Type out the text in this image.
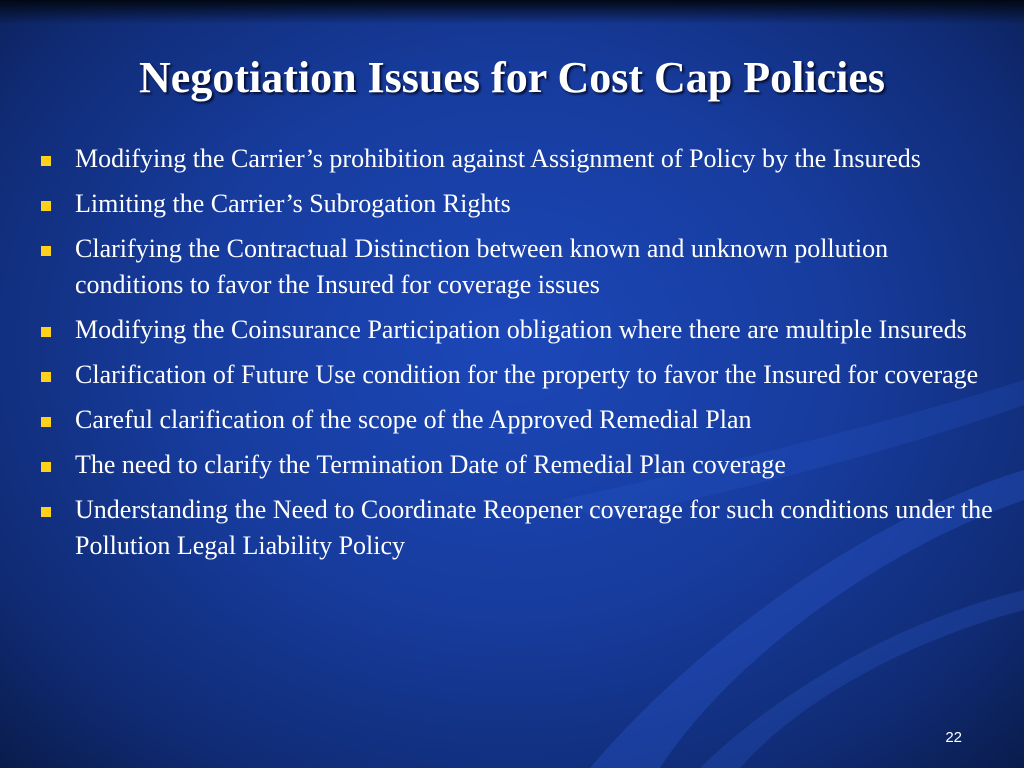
Negotiation Issues for Cost Cap Policies
Modifying the Carrier’s prohibition against Assignment of Policy by the Insureds
Limiting the Carrier’s Subrogation Rights
Clarifying the Contractual Distinction between known and unknown pollution conditions to favor the Insured for coverage issues
Modifying the Coinsurance Participation obligation where there are multiple Insureds
Clarification of Future Use condition for the property to favor the Insured for coverage
Careful clarification of the scope of the Approved Remedial Plan
The need to clarify the Termination Date of Remedial Plan coverage
Understanding the Need to Coordinate Reopener coverage for such conditions under the Pollution Legal Liability Policy
22
